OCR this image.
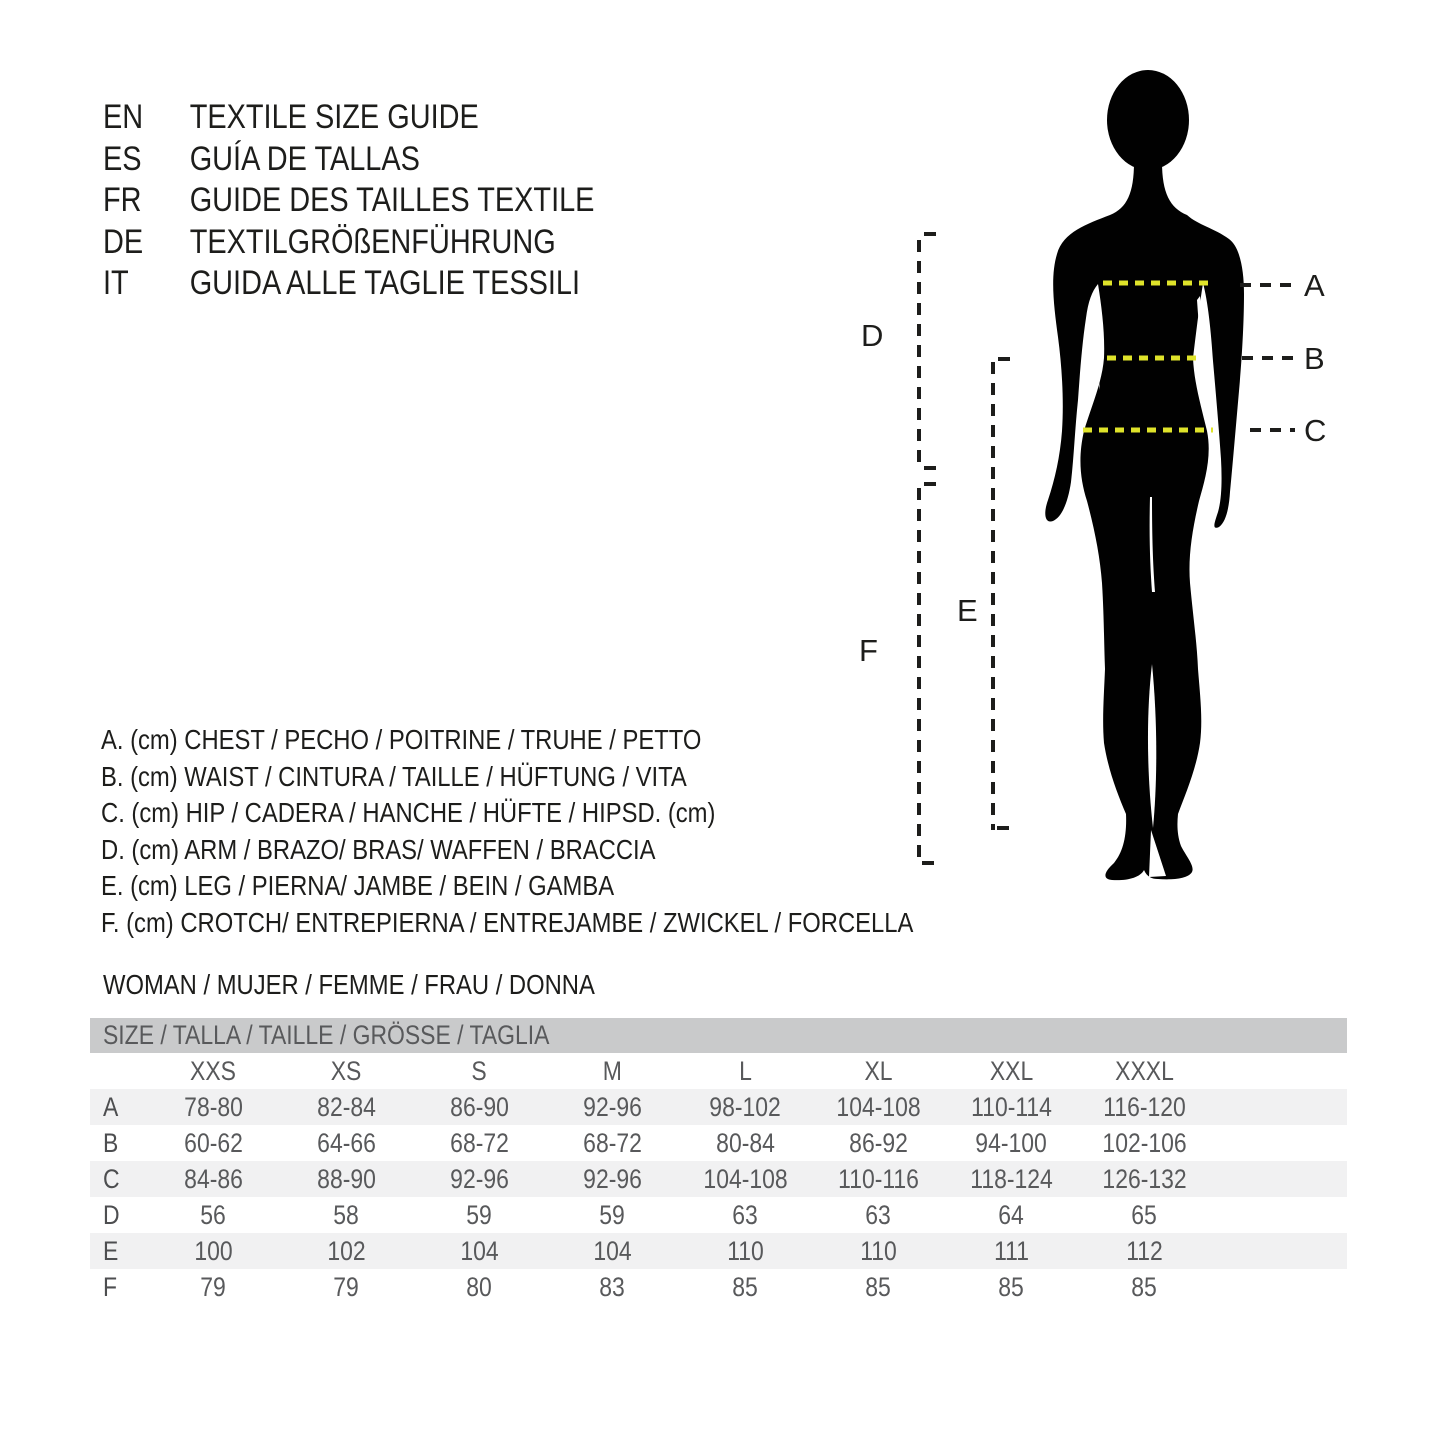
EN	TEXTILE SIZE GUIDE
ES	GUÍA DE TALLAS
FR	GUIDE DES TAILLES TEXTILE
DE	TEXTILGRÖßENFÜHRUNG
IT	GUIDA ALLE TAGLIE TESSILI
A. (cm) CHEST / PECHO / POITRINE / TRUHE / PETTO
B. (cm) WAIST / CINTURA / TAILLE / HÜFTUNG / VITA
C. (cm) HIP / CADERA / HANCHE / HÜFTE / HIPSD. (cm)
D. (cm) ARM / BRAZO/ BRAS/ WAFFEN / BRACCIA
E. (cm) LEG / PIERNA/ JAMBE / BEIN / GAMBA
F. (cm) CROTCH/ ENTREPIERNA / ENTREJAMBE / ZWICKEL / FORCELLA
WOMAN / MUJER / FEMME / FRAU / DONNA
SIZE / TALLA / TAILLE / GRÖSSE / TAGLIA
XXS	XS	S	M	L	XL	XXL	XXXL
A	78-80	82-84	86-90	92-96	98-102	104-108	110-114	116-120
B	60-62	64-66	68-72	68-72	80-84	86-92	94-100	102-106
C	84-86	88-90	92-96	92-96	104-108	110-116	118-124	126-132
D	56	58	59	59	63	63	64	65
E	100	102	104	104	110	110	111	112
F	79	79	80	83	85	85	85	85
A
B
C
D
E
F
